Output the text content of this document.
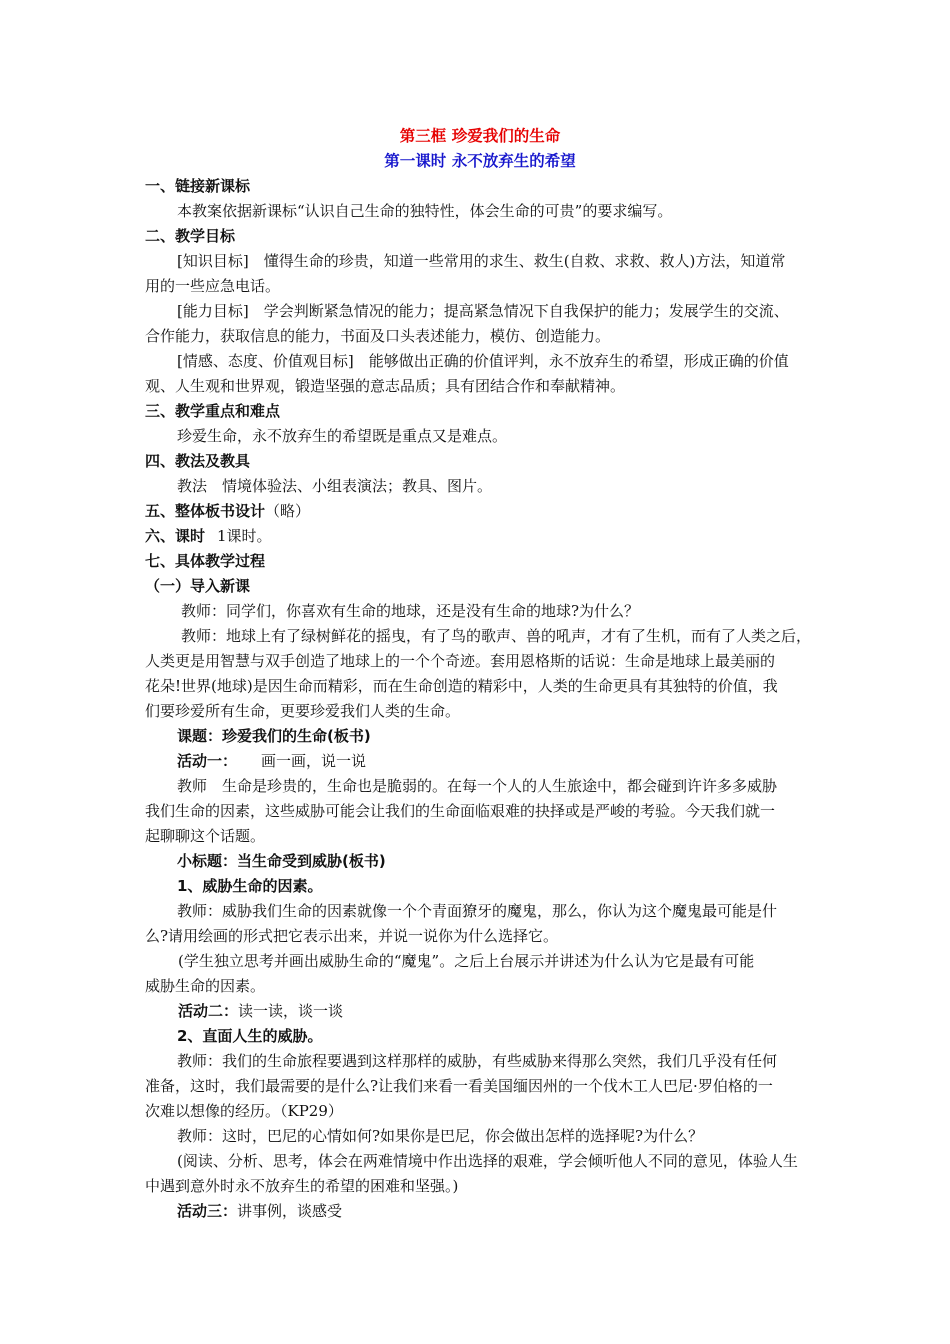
第三框 珍爱我们的生命
第一课时 永不放弃生的希望
一、链接新课标
本教案依据新课标“认识自己生命的独特性，体会生命的可贵”的要求编写。
二、教学目标
[知识目标]　懂得生命的珍贵，知道一些常用的求生、救生(自救、求救、救人)方法，知道常
用的一些应急电话。
[能力目标]　学会判断紧急情况的能力；提高紧急情况下自我保护的能力；发展学生的交流、
合作能力，获取信息的能力，书面及口头表述能力，模仿、创造能力。
[情感、态度、价值观目标]　能够做出正确的价值评判，永不放弃生的希望，形成正确的价值
观、人生观和世界观，锻造坚强的意志品质；具有团结合作和奉献精神。
三、教学重点和难点
珍爱生命，永不放弃生的希望既是重点又是难点。
四、教法及教具
教法　情境体验法、小组表演法；教具、图片。
五、整体板书设计（略）
六、课时 1课时。
七、具体教学过程
（一）导入新课
教师：同学们，你喜欢有生命的地球，还是没有生命的地球?为什么？
教师：地球上有了绿树鲜花的摇曳，有了鸟的歌声、兽的吼声，才有了生机，而有了人类之后，
人类更是用智慧与双手创造了地球上的一个个奇迹。套用恩格斯的话说：生命是地球上最美丽的
花朵!世界(地球)是因生命而精彩，而在生命创造的精彩中，人类的生命更具有其独特的价值，我
们要珍爱所有生命，更要珍爱我们人类的生命。
课题：珍爱我们的生命(板书)
活动一： 画一画，说一说
教师　生命是珍贵的，生命也是脆弱的。在每一个人的人生旅途中，都会碰到许许多多威胁
我们生命的因素，这些威胁可能会让我们的生命面临艰难的抉择或是严峻的考验。今天我们就一
起聊聊这个话题。
小标题：当生命受到威胁(板书)
1、威胁生命的因素。
教师：威胁我们生命的因素就像一个个青面獠牙的魔鬼，那么，你认为这个魔鬼最可能是什
么?请用绘画的形式把它表示出来，并说一说你为什么选择它。
(学生独立思考并画出威胁生命的“魔鬼”。之后上台展示并讲述为什么认为它是最有可能
威胁生命的因素。
活动二：读一读，谈一谈
2、直面人生的威胁。
教师：我们的生命旅程要遇到这样那样的威胁，有些威胁来得那么突然，我们几乎没有任何
准备，这时，我们最需要的是什么?让我们来看一看美国缅因州的一个伐木工人巴尼·罗伯格的一
次难以想像的经历。（KP29）
教师：这时，巴尼的心情如何?如果你是巴尼，你会做出怎样的选择呢?为什么？
(阅读、分析、思考，体会在两难情境中作出选择的艰难，学会倾听他人不同的意见，体验人生
中遇到意外时永不放弃生的希望的困难和坚强。)
活动三：讲事例，谈感受
